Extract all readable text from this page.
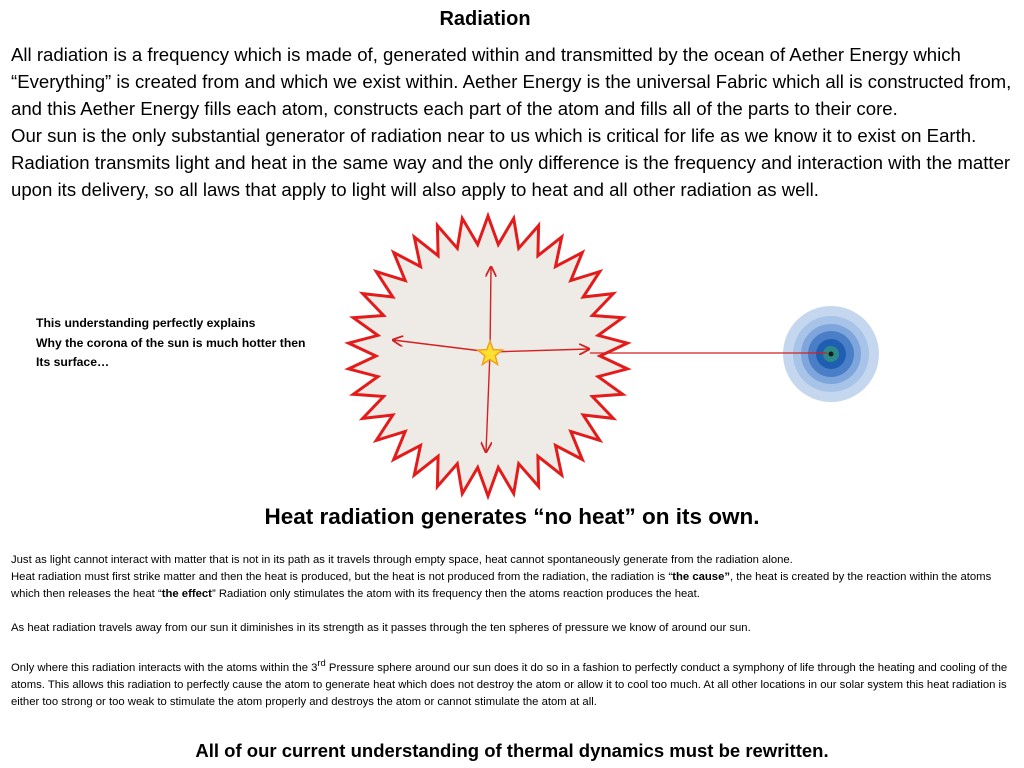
Radiation

All radiation is a frequency which is made of, generated within and transmitted by the ocean of Aether Energy which “Everything” is created from and which we exist within. Aether Energy is the universal Fabric which all is constructed from, and this Aether Energy fills each atom, constructs each part of the atom and fills all of the parts to their core.

Our sun is the only substantial generator of radiation near to us which is critical for life as we know it to exist on Earth. Radiation transmits light and heat in the same way and the only difference is the frequency and interaction with the matter upon its delivery, so all laws that apply to light will also apply to heat and all other radiation as well.

This understanding perfectly explains
Why the corona of the sun is much hotter then
Its surface…
Heat radiation generates “no heat” on its own.

Just as light cannot interact with matter that is not in its path as it travels through empty space, heat cannot spontaneously generate from the radiation alone.

Heat radiation must first strike matter and then the heat is produced, but the heat is not produced from the radiation, the radiation is “the cause”, the heat is created by the reaction within the atoms which then releases the heat “the effect” Radiation only stimulates the atom with its frequency then the atoms reaction produces the heat.

As heat radiation travels away from our sun it diminishes in its strength as it passes through the ten spheres of pressure we know of around our sun.

Only where this radiation interacts with the atoms within the 3rd Pressure sphere around our sun does it do so in a fashion to perfectly conduct a symphony of life through the heating and cooling of the atoms. This allows this radiation to perfectly cause the atom to generate heat which does not destroy the atom or allow it to cool too much. At all other locations in our solar system this heat radiation is either too strong or too weak to stimulate the atom properly and destroys the atom or cannot stimulate the atom at all.

All of our current understanding of thermal dynamics must be rewritten.
